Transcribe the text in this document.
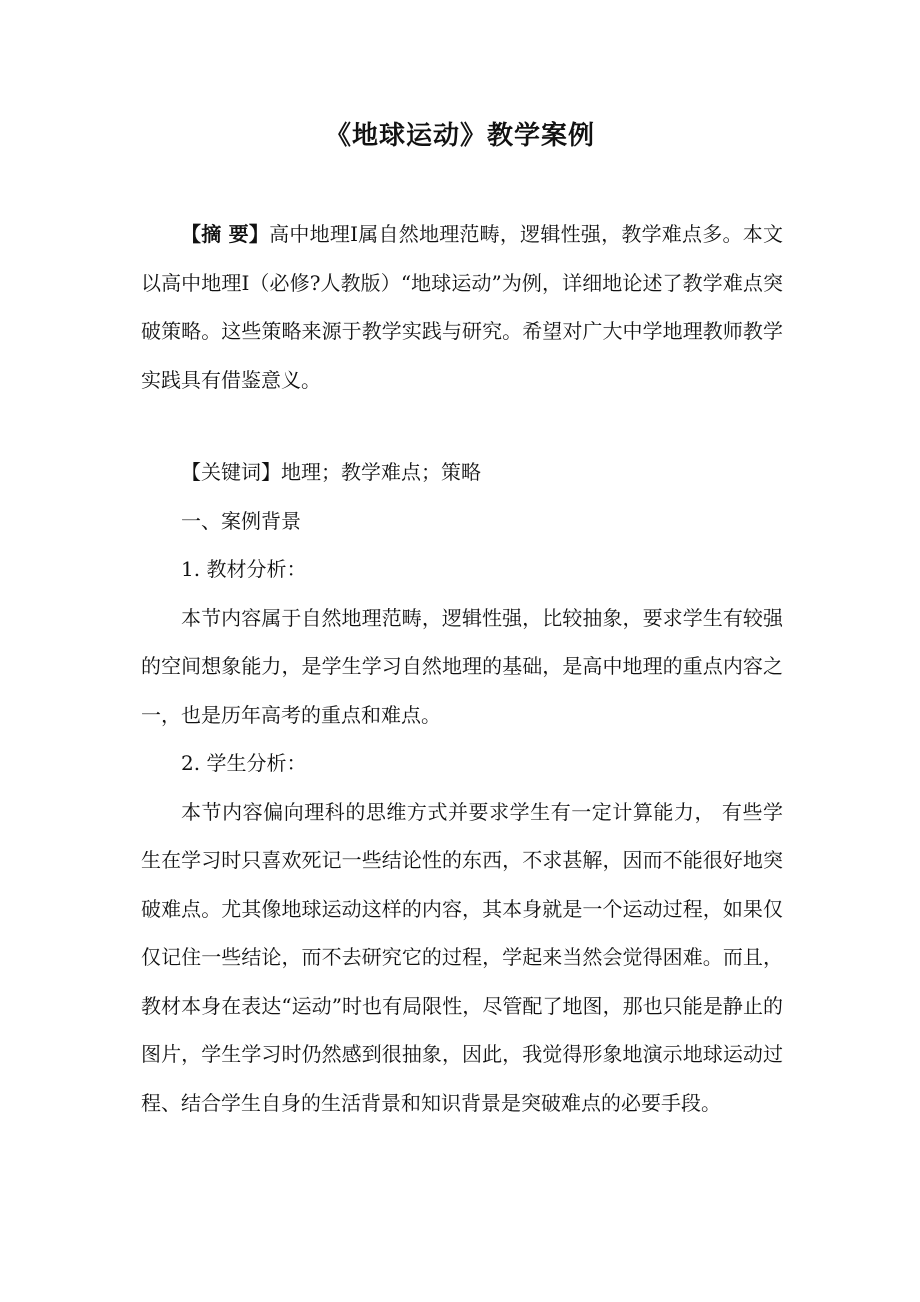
《地球运动》教学案例

【摘 要】高中地理Ⅰ属自然地理范畴，逻辑性强，教学难点多。本文以高中地理Ⅰ（必修?人教版）“地球运动”为例，详细地论述了教学难点突破策略。这些策略来源于教学实践与研究。希望对广大中学地理教师教学实践具有借鉴意义。

【关键词】地理；教学难点；策略

一、案例背景

1. 教材分析：

本节内容属于自然地理范畴，逻辑性强，比较抽象，要求学生有较强的空间想象能力，是学生学习自然地理的基础，是高中地理的重点内容之一，也是历年高考的重点和难点。

2. 学生分析：

本节内容偏向理科的思维方式并要求学生有一定计算能力， 有些学生在学习时只喜欢死记一些结论性的东西，不求甚解，因而不能很好地突破难点。尤其像地球运动这样的内容，其本身就是一个运动过程，如果仅仅记住一些结论，而不去研究它的过程，学起来当然会觉得困难。而且，教材本身在表达“运动”时也有局限性，尽管配了地图，那也只能是静止的图片，学生学习时仍然感到很抽象，因此，我觉得形象地演示地球运动过程、结合学生自身的生活背景和知识背景是突破难点的必要手段。
